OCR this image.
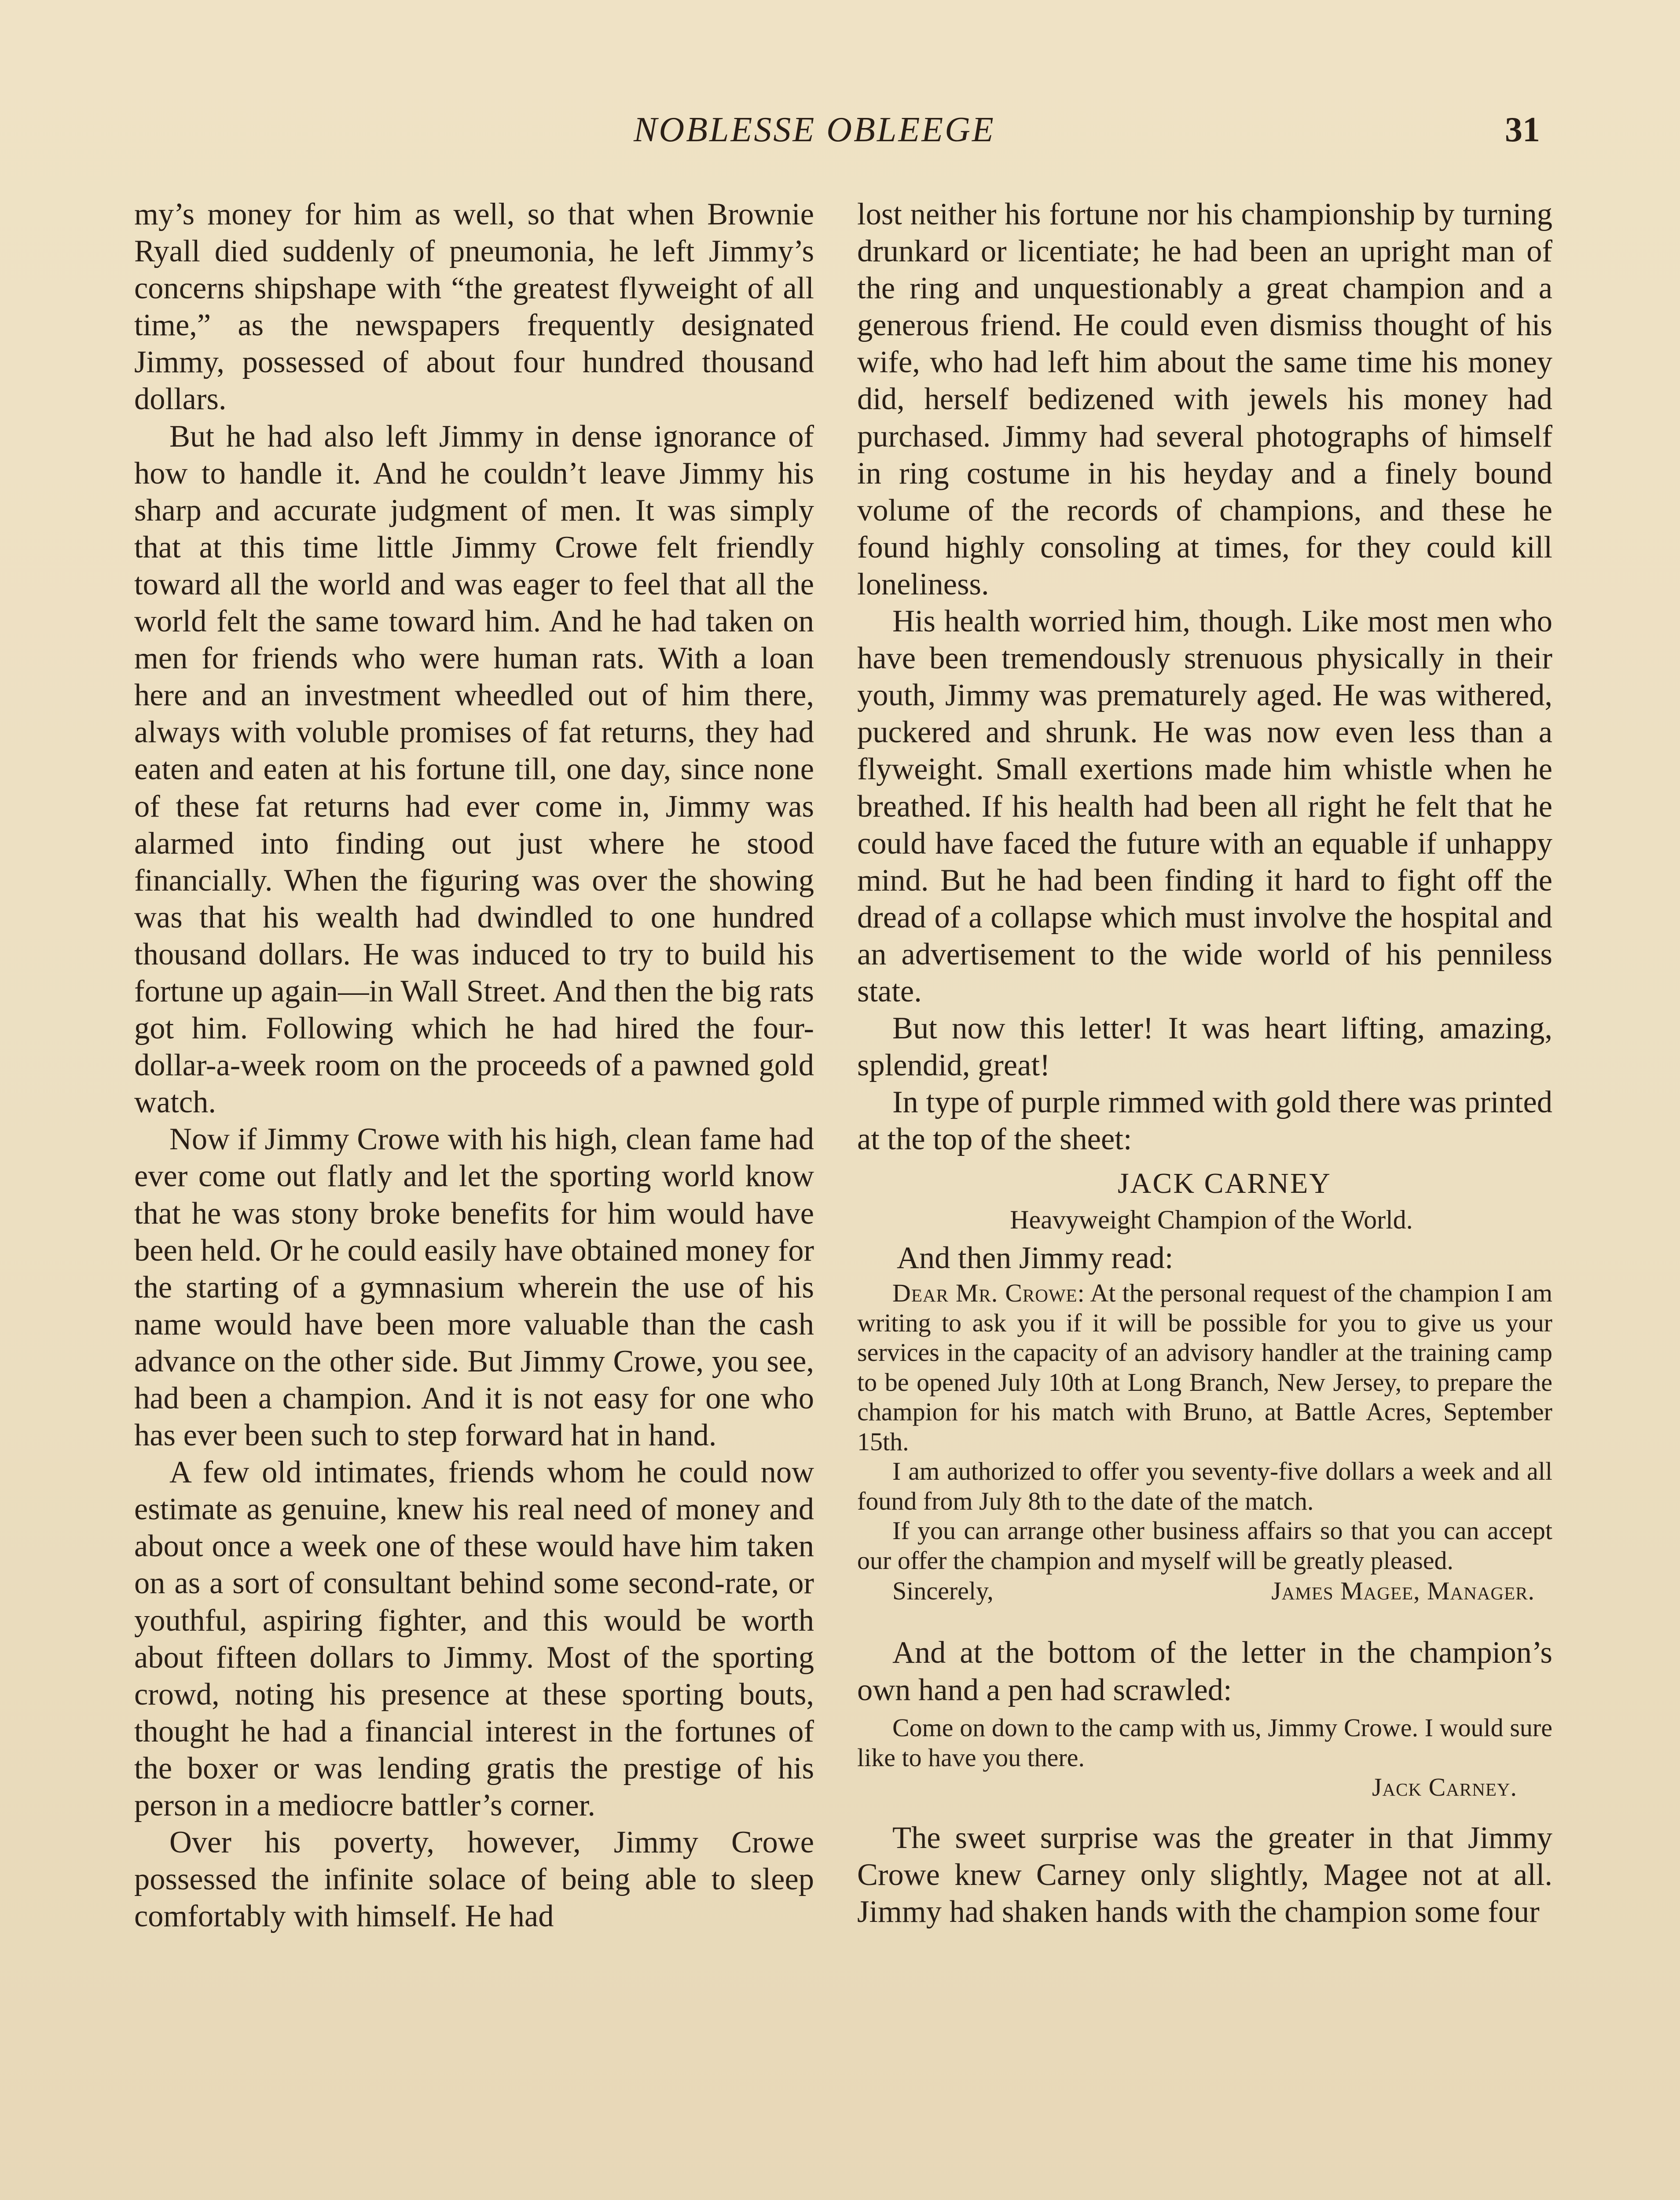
NOBLESSE OBLEEGE	31

my’s money for him as well, so that when Brownie Ryall died suddenly of pneumonia, he left Jimmy’s concerns shipshape with “the greatest flyweight of all time,” as the newspapers frequently designated Jimmy, possessed of about four hundred thousand dollars.

But he had also left Jimmy in dense ignorance of how to handle it. And he couldn’t leave Jimmy his sharp and accurate judgment of men. It was simply that at this time little Jimmy Crowe felt friendly toward all the world and was eager to feel that all the world felt the same toward him. And he had taken on men for friends who were human rats. With a loan here and an investment wheedled out of him there, always with voluble promises of fat returns, they had eaten and eaten at his fortune till, one day, since none of these fat returns had ever come in, Jimmy was alarmed into finding out just where he stood financially. When the figuring was over the showing was that his wealth had dwindled to one hundred thousand dollars. He was induced to try to build his fortune up again—in Wall Street. And then the big rats got him. Following which he had hired the four-dollar-a-week room on the proceeds of a pawned gold watch.

Now if Jimmy Crowe with his high, clean fame had ever come out flatly and let the sporting world know that he was stony broke benefits for him would have been held. Or he could easily have obtained money for the starting of a gymnasium wherein the use of his name would have been more valuable than the cash advance on the other side. But Jimmy Crowe, you see, had been a champion. And it is not easy for one who has ever been such to step forward hat in hand.

A few old intimates, friends whom he could now estimate as genuine, knew his real need of money and about once a week one of these would have him taken on as a sort of consultant behind some second-rate, or youthful, aspiring fighter, and this would be worth about fifteen dollars to Jimmy. Most of the sporting crowd, noting his presence at these sporting bouts, thought he had a financial interest in the fortunes of the boxer or was lending gratis the prestige of his person in a mediocre battler’s corner.

Over his poverty, however, Jimmy Crowe possessed the infinite solace of being able to sleep comfortably with himself. He had

lost neither his fortune nor his championship by turning drunkard or licentiate; he had been an upright man of the ring and unquestionably a great champion and a generous friend. He could even dismiss thought of his wife, who had left him about the same time his money did, herself bedizened with jewels his money had purchased. Jimmy had several photographs of himself in ring costume in his heyday and a finely bound volume of the records of champions, and these he found highly consoling at times, for they could kill loneliness.

His health worried him, though. Like most men who have been tremendously strenuous physically in their youth, Jimmy was prematurely aged. He was withered, puckered and shrunk. He was now even less than a flyweight. Small exertions made him whistle when he breathed. If his health had been all right he felt that he could have faced the future with an equable if unhappy mind. But he had been finding it hard to fight off the dread of a collapse which must involve the hospital and an advertisement to the wide world of his penniless state.

But now this letter! It was heart lifting, amazing, splendid, great!

In type of purple rimmed with gold there was printed at the top of the sheet:

JACK CARNEY
Heavyweight Champion of the World.
And then Jimmy read:

Dear Mr. Crowe: At the personal request of the champion I am writing to ask you if it will be possible for you to give us your services in the capacity of an advisory handler at the training camp to be opened July 10th at Long Branch, New Jersey, to prepare the champion for his match with Bruno, at Battle Acres, September 15th.

I am authorized to offer you seventy-five dollars a week and all found from July 8th to the date of the match.

If you can arrange other business affairs so that you can accept our offer the champion and myself will be greatly pleased.

Sincerely,	James Magee, Manager.

And at the bottom of the letter in the champion’s own hand a pen had scrawled:

Come on down to the camp with us, Jimmy Crowe. I would sure like to have you there.
Jack Carney.

The sweet surprise was the greater in that Jimmy Crowe knew Carney only slightly, Magee not at all. Jimmy had shaken hands with the champion some four
